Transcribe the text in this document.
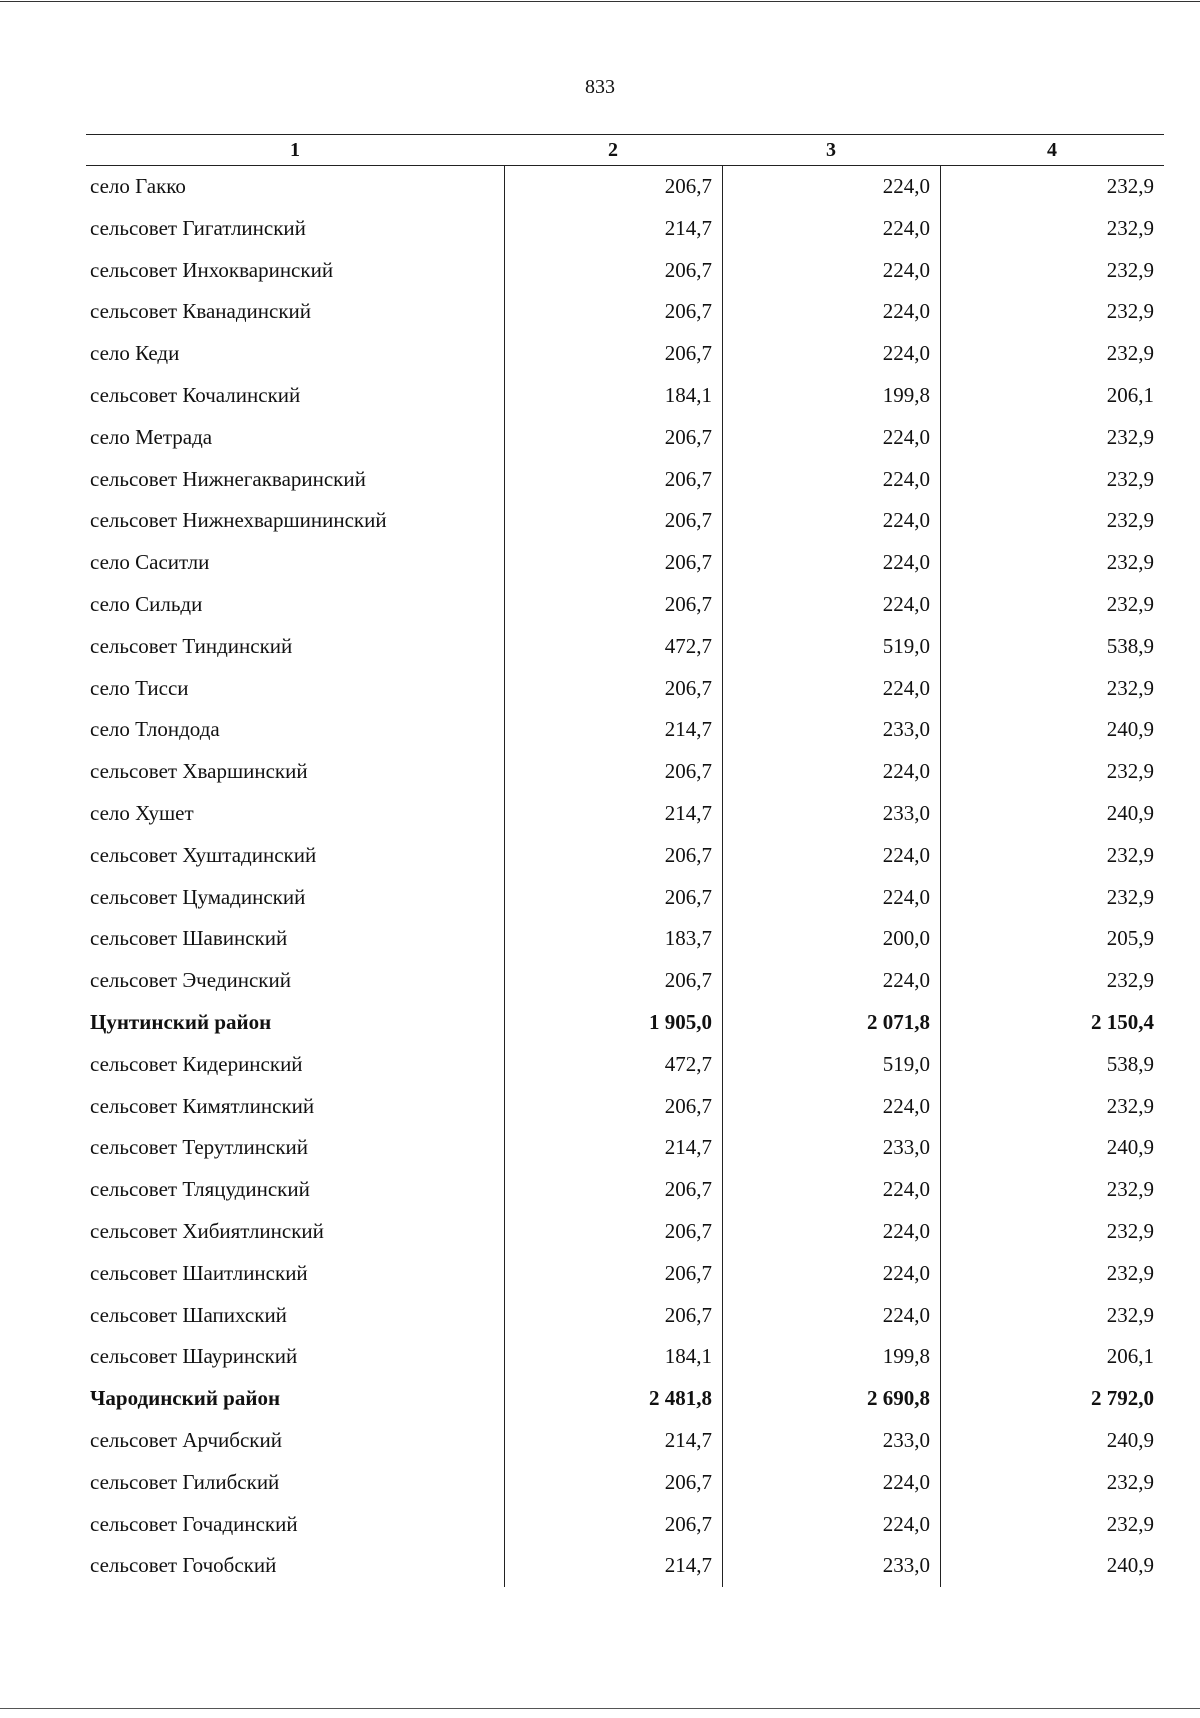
833
1	2	3	4
село Гакко	206,7	224,0	232,9
сельсовет Гигатлинский	214,7	224,0	232,9
сельсовет Инхокваринский	206,7	224,0	232,9
сельсовет Кванадинский	206,7	224,0	232,9
село Кеди	206,7	224,0	232,9
сельсовет Кочалинский	184,1	199,8	206,1
село Метрада	206,7	224,0	232,9
сельсовет Нижнегакваринский	206,7	224,0	232,9
сельсовет Нижнехваршининский	206,7	224,0	232,9
село Саситли	206,7	224,0	232,9
село Сильди	206,7	224,0	232,9
сельсовет Тиндинский	472,7	519,0	538,9
село Тисси	206,7	224,0	232,9
село Тлондода	214,7	233,0	240,9
сельсовет Хваршинский	206,7	224,0	232,9
село Хушет	214,7	233,0	240,9
сельсовет Хуштадинский	206,7	224,0	232,9
сельсовет Цумадинский	206,7	224,0	232,9
сельсовет Шавинский	183,7	200,0	205,9
сельсовет Эчединский	206,7	224,0	232,9
Цунтинский район	1 905,0	2 071,8	2 150,4
сельсовет Кидеринский	472,7	519,0	538,9
сельсовет Кимятлинский	206,7	224,0	232,9
сельсовет Терутлинский	214,7	233,0	240,9
сельсовет Тляцудинский	206,7	224,0	232,9
сельсовет Хибиятлинский	206,7	224,0	232,9
сельсовет Шаитлинский	206,7	224,0	232,9
сельсовет Шапихский	206,7	224,0	232,9
сельсовет Шауринский	184,1	199,8	206,1
Чародинский район	2 481,8	2 690,8	2 792,0
сельсовет Арчибский	214,7	233,0	240,9
сельсовет Гилибский	206,7	224,0	232,9
сельсовет Гочадинский	206,7	224,0	232,9
сельсовет Гочобский	214,7	233,0	240,9
